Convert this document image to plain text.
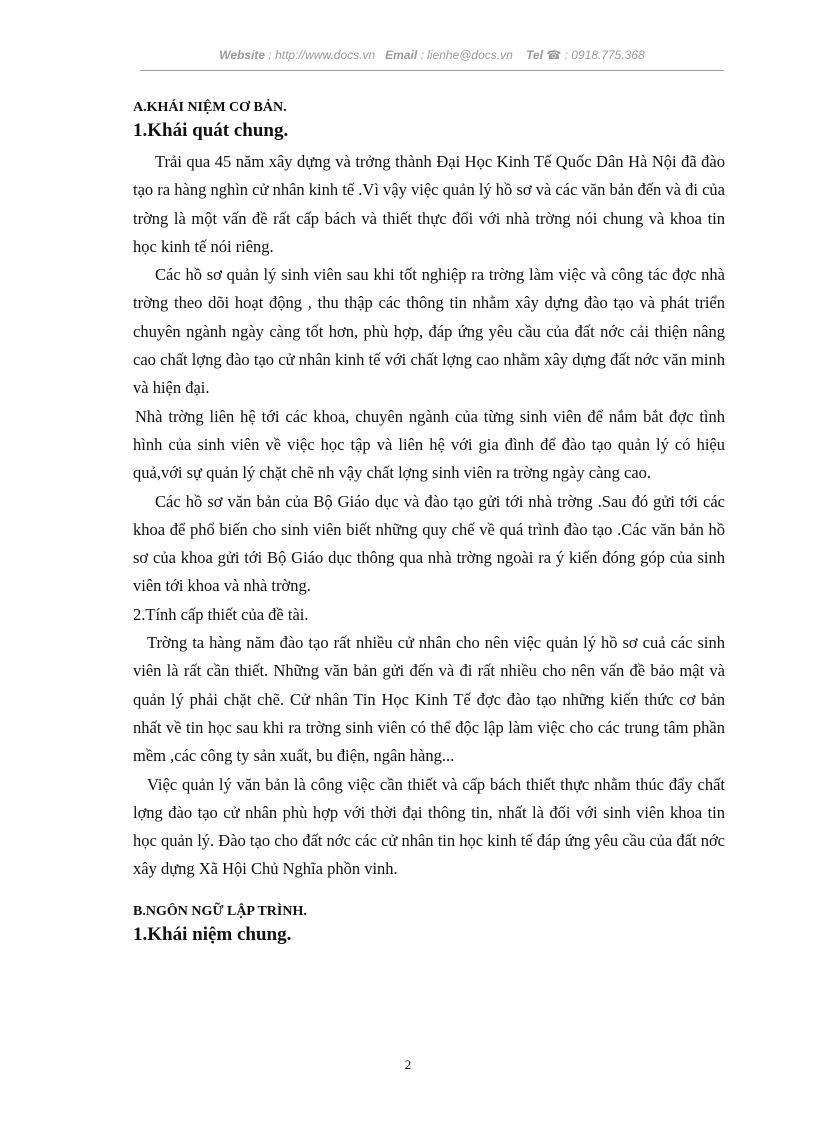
Website : http://www.docs.vn Email : lienhe@docs.vn Tel ☎ : 0918.775.368

A.KHÁI NIỆM CƠ BẢN.

1.Khái quát chung.

Trải qua 45 năm xây dựng và trởng thành Đại Học Kinh Tế Quốc Dân Hà Nội đã đào tạo ra hàng nghìn cử nhân kinh tế .Vì vậy việc quản lý hồ sơ và các văn bản đến và đi của trờng là một vấn đề rất cấp bách và thiết thực đối với nhà trờng nói chung và khoa tin học kinh tế nói riêng.

Các hồ sơ quản lý sinh viên sau khi tốt nghiệp ra trờng làm việc và công tác đợc nhà trờng theo dõi hoạt động , thu thập các thông tin nhằm xây dựng đào tạo và phát triển chuyên ngành ngày càng tốt hơn, phù hợp, đáp ứng yêu cầu của đất nớc cải thiện nâng cao chất lợng đào tạo cử nhân kinh tế với chất lợng cao nhằm xây dựng đất nớc văn minh và hiện đại.

Nhà trờng liên hệ tới các khoa, chuyên ngành của từng sinh viên để nắm bắt đợc tình hình của sinh viên về việc học tập và liên hệ với gia đình để đào tạo quản lý có hiệu quả,với sự quản lý chặt chẽ nh vậy chất lợng sinh viên ra trờng ngày càng cao.

Các hồ sơ văn bản của Bộ Giáo dục và đào tạo gửi tới nhà trờng .Sau đó gửi tới các khoa để phổ biến cho sinh viên biết những quy chế về quá trình đào tạo .Các văn bản hồ sơ của khoa gửi tới Bộ Giáo dục thông qua nhà trờng ngoài ra ý kiến đóng góp của sinh viên tới khoa và nhà trờng.

2.Tính cấp thiết của đề tài.

Trờng ta hàng năm đào tạo rất nhiều cử nhân cho nên việc quản lý hồ sơ cuả các sinh viên là rất cần thiết. Những văn bản gửi đến và đi rất nhiều cho nên vấn đề bảo mật và quản lý phải chặt chẽ. Cử nhân Tin Học Kinh Tế đợc đào tạo những kiến thức cơ bản nhất về tin học sau khi ra trờng sinh viên có thể độc lập làm việc cho các trung tâm phần mềm ,các công ty sản xuất, bu điện, ngân hàng...

Việc quản lý văn bản là công việc cần thiết và cấp bách thiết thực nhằm thúc đẩy chất lợng đào tạo cử nhân phù hợp với thời đại thông tin, nhất là đối với sinh viên khoa tin học quản lý. Đào tạo cho đất nớc các cử nhân tin học kinh tế đáp ứng yêu cầu của đất nớc xây dựng Xã Hội Chủ Nghĩa phồn vinh.

B.NGÔN NGỮ LẬP TRÌNH.

1.Khái niệm chung.

2
